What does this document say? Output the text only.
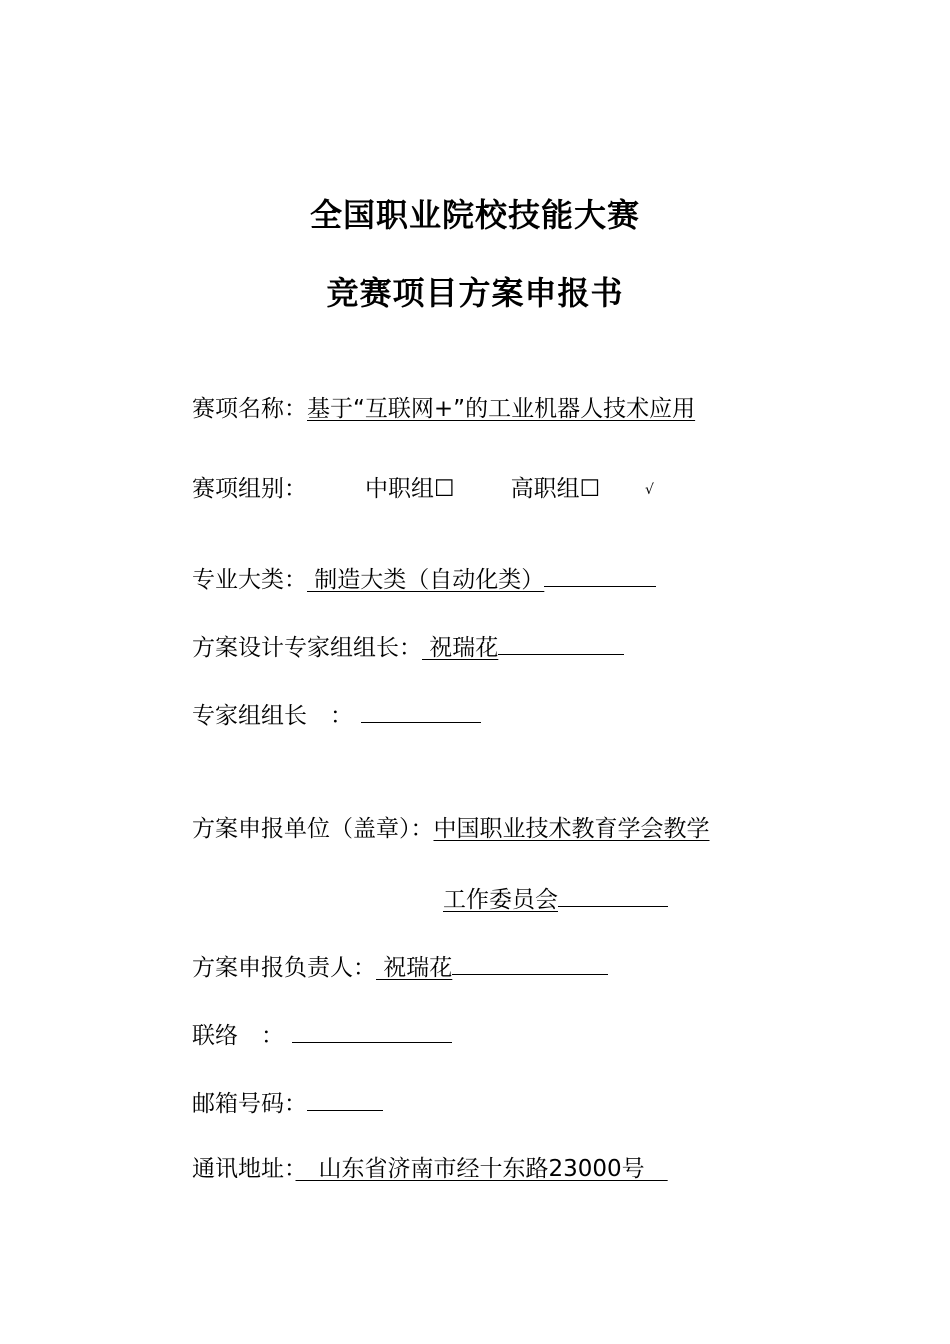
全国职业院校技能大赛
竞赛项目方案申报书
赛项名称：基于“互联网+”的工业机器人技术应用
赛项组别：	中职组☐ 高职组☐	√
专业大类： 制造大类（自动化类）
方案设计专家组组长： 祝瑞花
专家组组长　：
方案申报单位（盖章）：中国职业技术教育学会教学
工作委员会
方案申报负责人： 祝瑞花
联络　：
邮箱号码：
通讯地址：　山东省济南市经十东路23000号　
